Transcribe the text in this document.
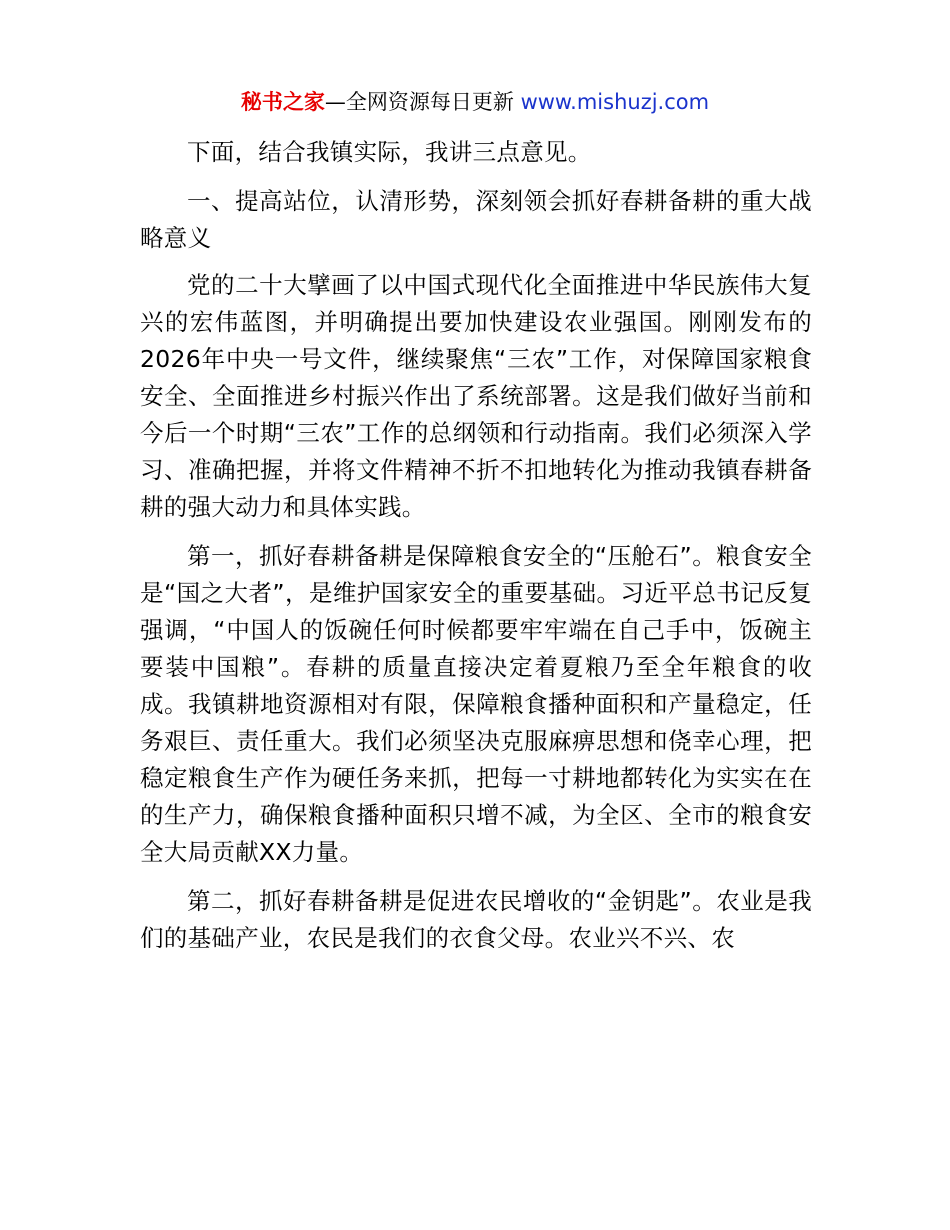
秘书之家—全网资源每日更新 www.mishuzj.com

下面，结合我镇实际，我讲三点意见。

一、提高站位，认清形势，深刻领会抓好春耕备耕的重大战略意义

党的二十大擘画了以中国式现代化全面推进中华民族伟大复兴的宏伟蓝图，并明确提出要加快建设农业强国。刚刚发布的2026年中央一号文件，继续聚焦“三农”工作，对保障国家粮食安全、全面推进乡村振兴作出了系统部署。这是我们做好当前和今后一个时期“三农”工作的总纲领和行动指南。我们必须深入学习、准确把握，并将文件精神不折不扣地转化为推动我镇春耕备耕的强大动力和具体实践。

第一，抓好春耕备耕是保障粮食安全的“压舱石”。粮食安全是“国之大者”，是维护国家安全的重要基础。习近平总书记反复强调，“中国人的饭碗任何时候都要牢牢端在自己手中，饭碗主要装中国粮”。春耕的质量直接决定着夏粮乃至全年粮食的收成。我镇耕地资源相对有限，保障粮食播种面积和产量稳定，任务艰巨、责任重大。我们必须坚决克服麻痹思想和侥幸心理，把稳定粮食生产作为硬任务来抓，把每一寸耕地都转化为实实在在的生产力，确保粮食播种面积只增不减，为全区、全市的粮食安全大局贡献XX力量。

第二，抓好春耕备耕是促进农民增收的“金钥匙”。农业是我们的基础产业，农民是我们的衣食父母。农业兴不兴、农
